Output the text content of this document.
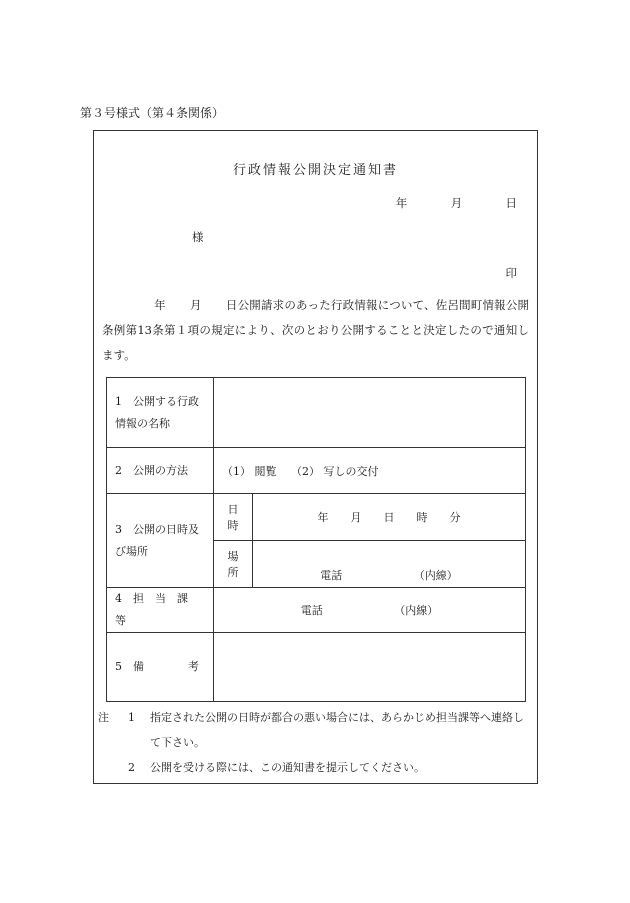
第３号様式（第４条関係）
行政情報公開決定通知書
年	月	日
様
印
年 月 日公開請求のあった行政情報について、佐呂間町情報公開条例第13条第１項の規定により、次のとおり公開することと決定したので通知します。
1　公開する行政情報の名称		
2　公開の方法	（1） 閲覧　 （2） 写しの交付	
3　公開の日時及び場所	日　時	年　　月　　日　　時　　分
	場　所	電話　　　　　　　（内線）
4　担　当　課　等	電話　　　　　　　（内線）	
5　備　　　　考		
注	1	指定された公開の日時が都合の悪い場合には、あらかじめ担当課等へ連絡して下さい。
2	公開を受ける際には、この通知書を提示してください。
